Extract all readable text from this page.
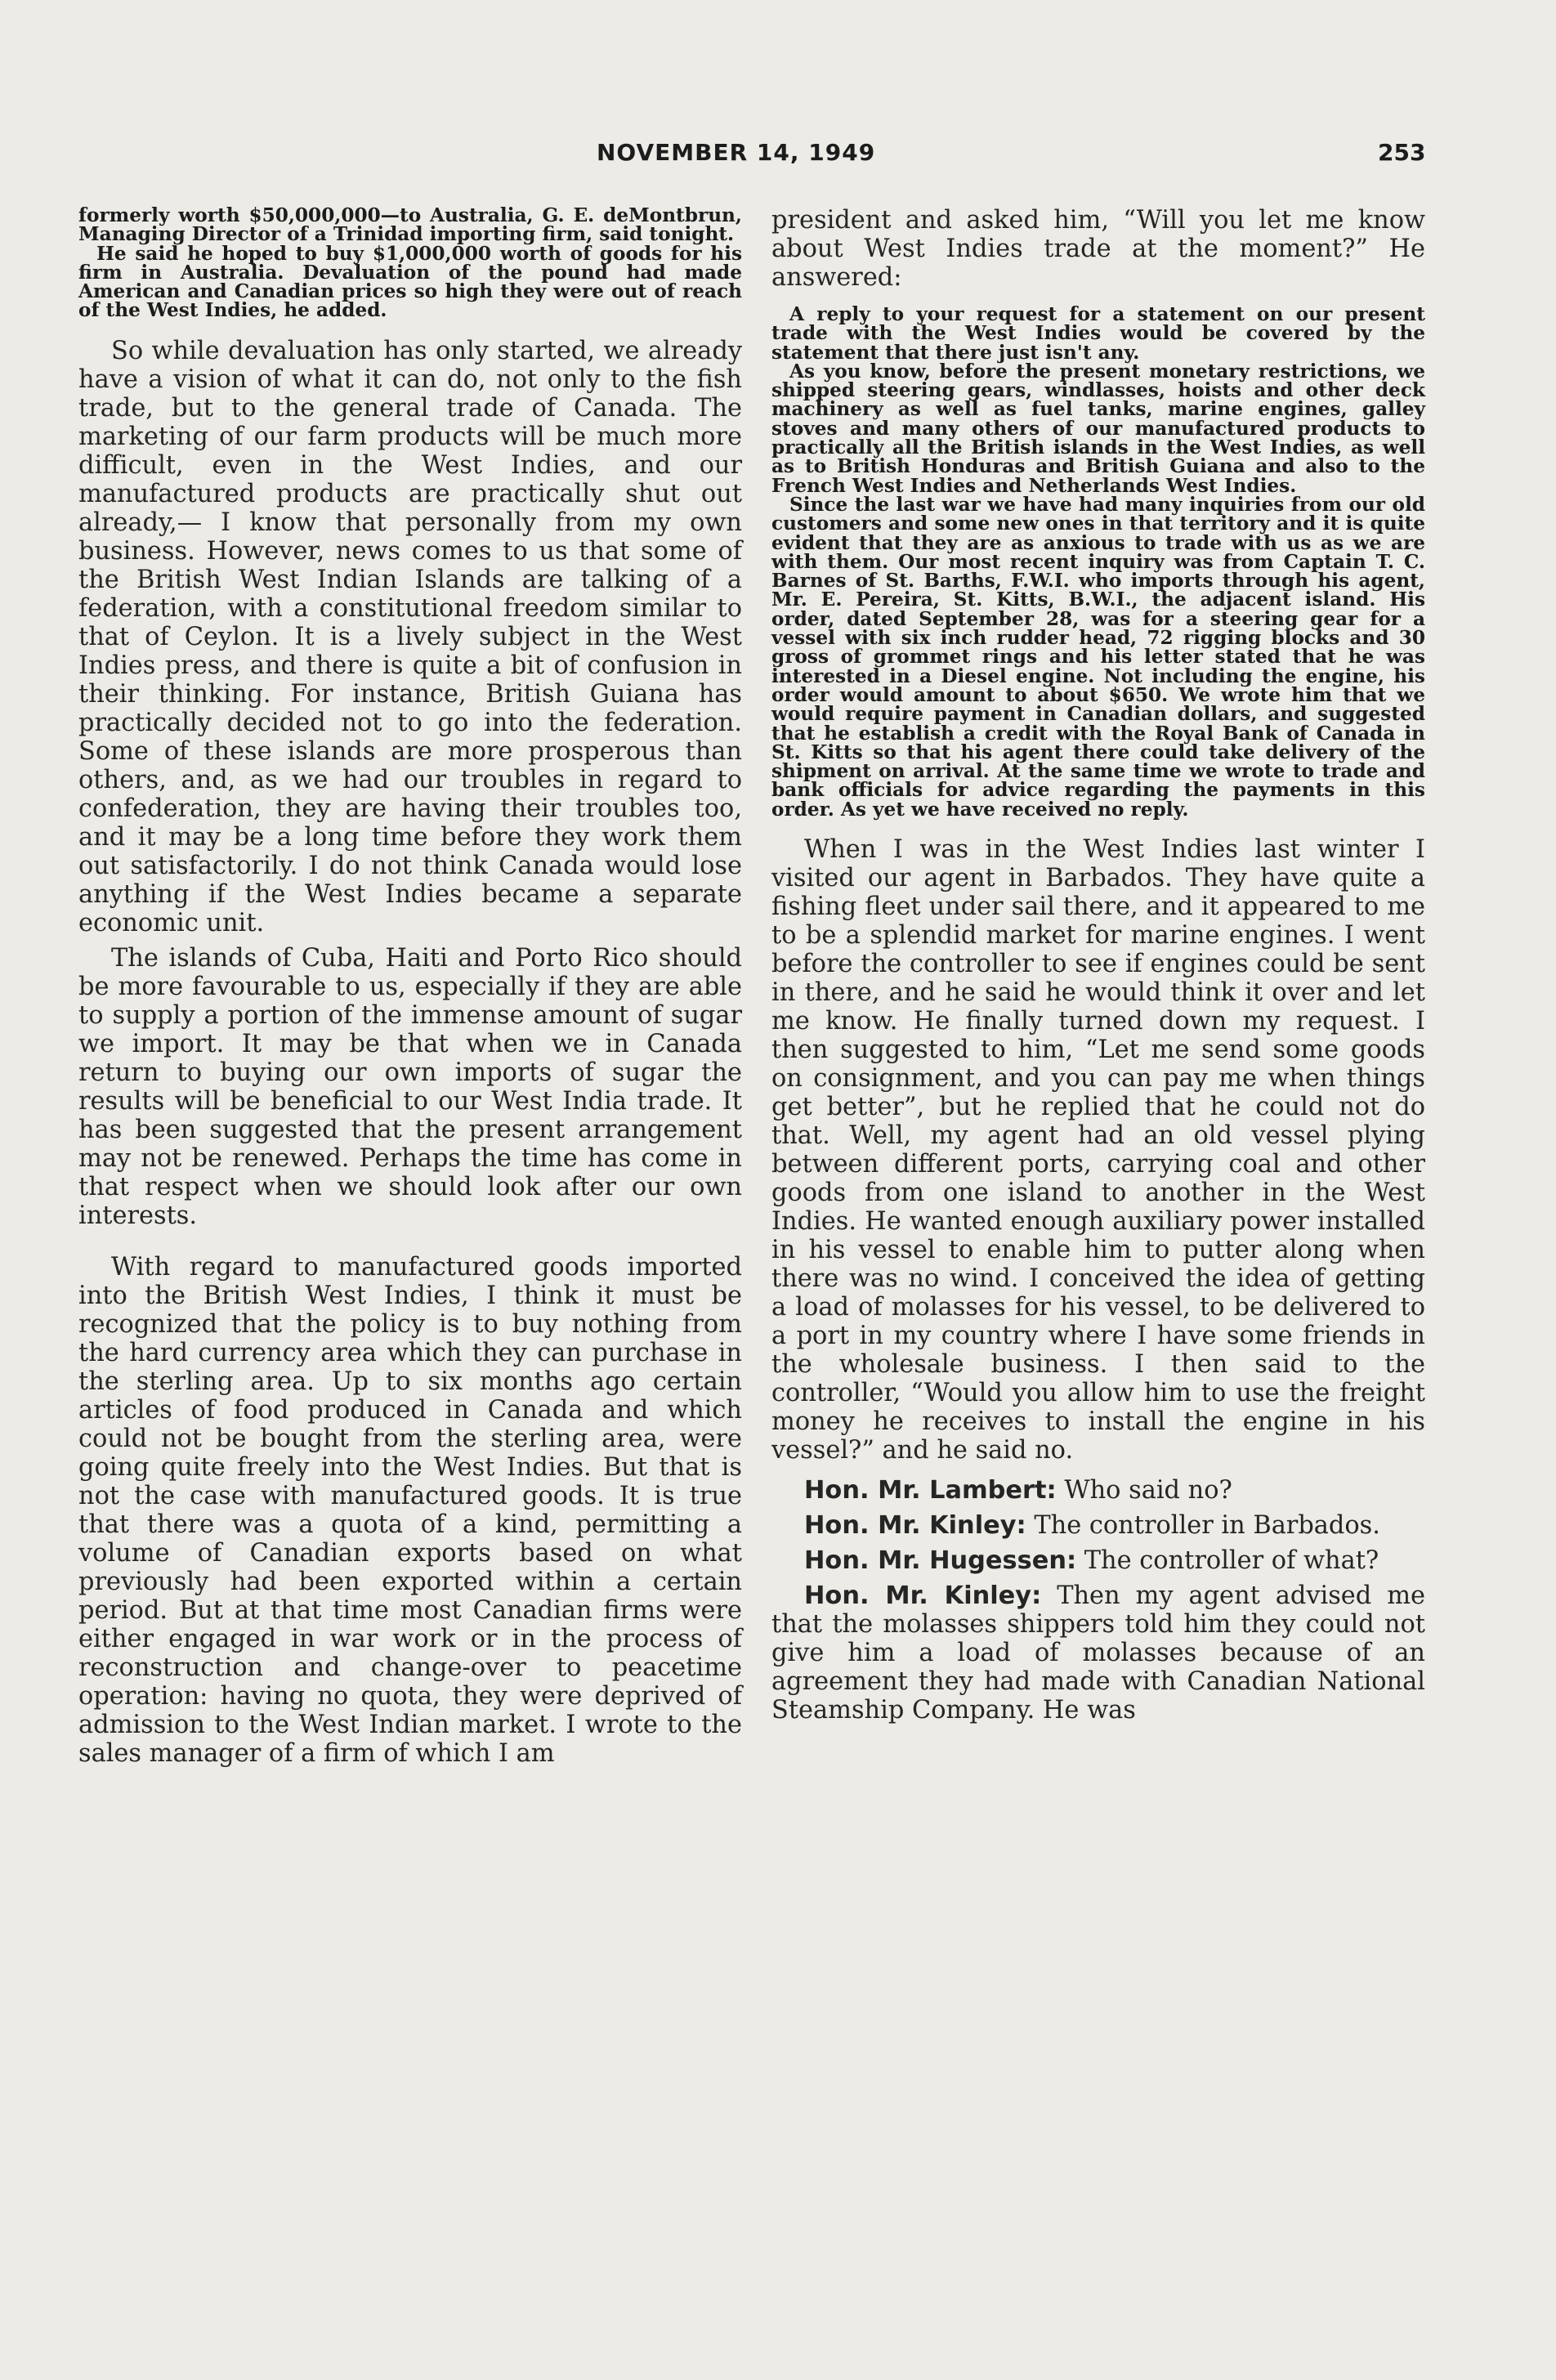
NOVEMBER 14, 1949	253

formerly worth $50,000,000—to Australia, G. E. deMontbrun, Managing Director of a Trinidad importing firm, said tonight.

He said he hoped to buy $1,000,000 worth of goods for his firm in Australia. Devaluation of the pound had made American and Canadian prices so high they were out of reach of the West Indies, he added.

So while devaluation has only started, we already have a vision of what it can do, not only to the fish trade, but to the general trade of Canada. The marketing of our farm products will be much more difficult, even in the West Indies, and our manufactured products are practically shut out already,— I know that personally from my own business. However, news comes to us that some of the British West Indian Islands are talking of a federation, with a constitutional freedom similar to that of Ceylon. It is a lively subject in the West Indies press, and there is quite a bit of confusion in their thinking. For instance, British Guiana has practically decided not to go into the federation. Some of these islands are more prosperous than others, and, as we had our troubles in regard to confederation, they are having their troubles too, and it may be a long time before they work them out satisfactorily. I do not think Canada would lose anything if the West Indies became a separate economic unit.

The islands of Cuba, Haiti and Porto Rico should be more favourable to us, especially if they are able to supply a portion of the immense amount of sugar we import. It may be that when we in Canada return to buying our own imports of sugar the results will be beneficial to our West India trade. It has been suggested that the present arrangement may not be renewed. Perhaps the time has come in that respect when we should look after our own interests.

With regard to manufactured goods imported into the British West Indies, I think it must be recognized that the policy is to buy nothing from the hard currency area which they can purchase in the sterling area. Up to six months ago certain articles of food produced in Canada and which could not be bought from the sterling area, were going quite freely into the West Indies. But that is not the case with manufactured goods. It is true that there was a quota of a kind, permitting a volume of Canadian exports based on what previously had been exported within a certain period. But at that time most Canadian firms were either engaged in war work or in the process of reconstruction and change-over to peacetime operation: having no quota, they were deprived of admission to the West Indian market. I wrote to the sales manager of a firm of which I am

president and asked him, “Will you let me know about West Indies trade at the moment?” He answered:

A reply to your request for a statement on our present trade with the West Indies would be covered by the statement that there just isn't any.

As you know, before the present monetary restrictions, we shipped steering gears, windlasses, hoists and other deck machinery as well as fuel tanks, marine engines, galley stoves and many others of our manufactured products to practically all the British islands in the West Indies, as well as to British Honduras and British Guiana and also to the French West Indies and Netherlands West Indies.

Since the last war we have had many inquiries from our old customers and some new ones in that territory and it is quite evident that they are as anxious to trade with us as we are with them. Our most recent inquiry was from Captain T. C. Barnes of St. Barths, F.W.I. who imports through his agent, Mr. E. Pereira, St. Kitts, B.W.I., the adjacent island. His order, dated September 28, was for a steering gear for a vessel with six inch rudder head, 72 rigging blocks and 30 gross of grommet rings and his letter stated that he was interested in a Diesel engine. Not including the engine, his order would amount to about $650. We wrote him that we would require payment in Canadian dollars, and suggested that he establish a credit with the Royal Bank of Canada in St. Kitts so that his agent there could take delivery of the shipment on arrival. At the same time we wrote to trade and bank officials for advice regarding the payments in this order. As yet we have received no reply.

When I was in the West Indies last winter I visited our agent in Barbados. They have quite a fishing fleet under sail there, and it appeared to me to be a splendid market for marine engines. I went before the controller to see if engines could be sent in there, and he said he would think it over and let me know. He finally turned down my request. I then suggested to him, “Let me send some goods on consignment, and you can pay me when things get better”, but he replied that he could not do that. Well, my agent had an old vessel plying between different ports, carrying coal and other goods from one island to another in the West Indies. He wanted enough auxiliary power installed in his vessel to enable him to putter along when there was no wind. I conceived the idea of getting a load of molasses for his vessel, to be delivered to a port in my country where I have some friends in the wholesale business. I then said to the controller, “Would you allow him to use the freight money he receives to install the engine in his vessel?” and he said no.

Hon. Mr. Lambert: Who said no?

Hon. Mr. Kinley: The controller in Barbados.

Hon. Mr. Hugessen: The controller of what?

Hon. Mr. Kinley: Then my agent advised me that the molasses shippers told him they could not give him a load of molasses because of an agreement they had made with Canadian National Steamship Company. He was
